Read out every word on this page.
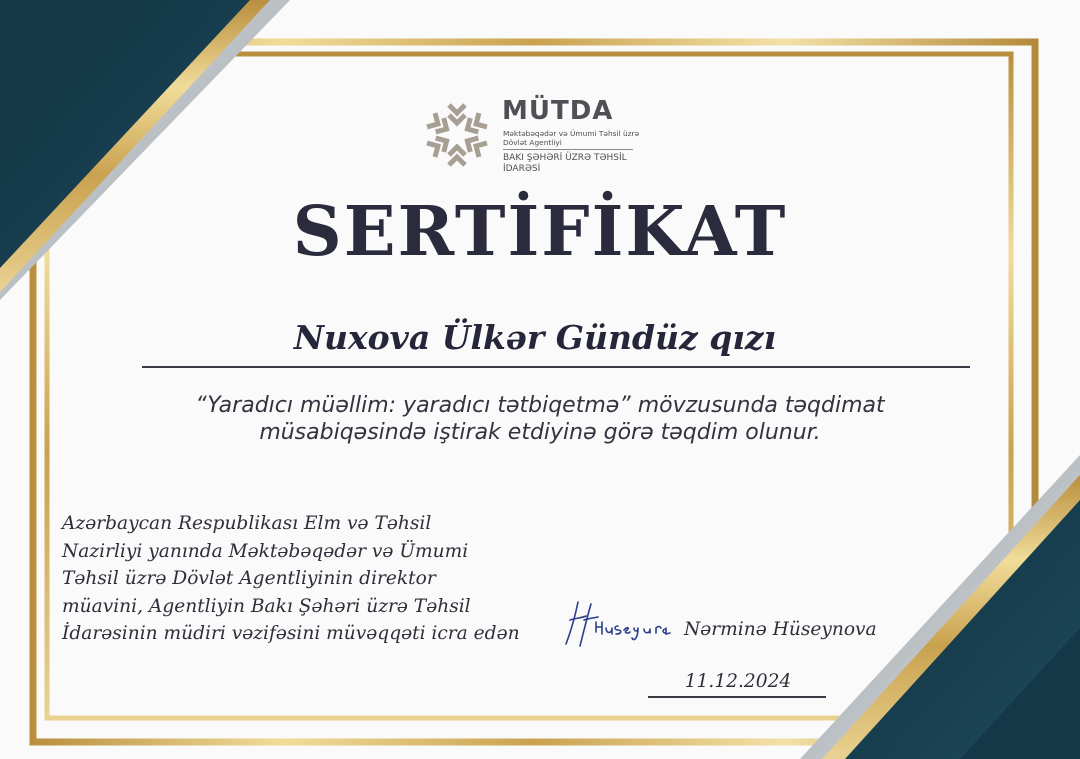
MÜTDA
Məktəbəqədər və Ümumi Təhsil üzrə Dövlət Agentliyi
BAKI ŞƏHƏRİ ÜZRƏ TƏHSİL İDARƏSİ
SERTİFİKAT
Nuxova Ülkər Gündüz qızı
“Yaradıcı müəllim: yaradıcı tətbiqetmə” mövzusunda təqdimat müsabiqəsində iştirak etdiyinə görə təqdim olunur.
Azərbaycan Respublikası Elm və Təhsil
Nazirliyi yanında Məktəbəqədər və Ümumi
Təhsil üzrə Dövlət Agentliyinin direktor
müavini, Agentliyin Bakı Şəhəri üzrə Təhsil
İdarəsinin müdiri vəzifəsini müvəqqəti icra edən	Nərminə Hüseynova
11.12.2024
